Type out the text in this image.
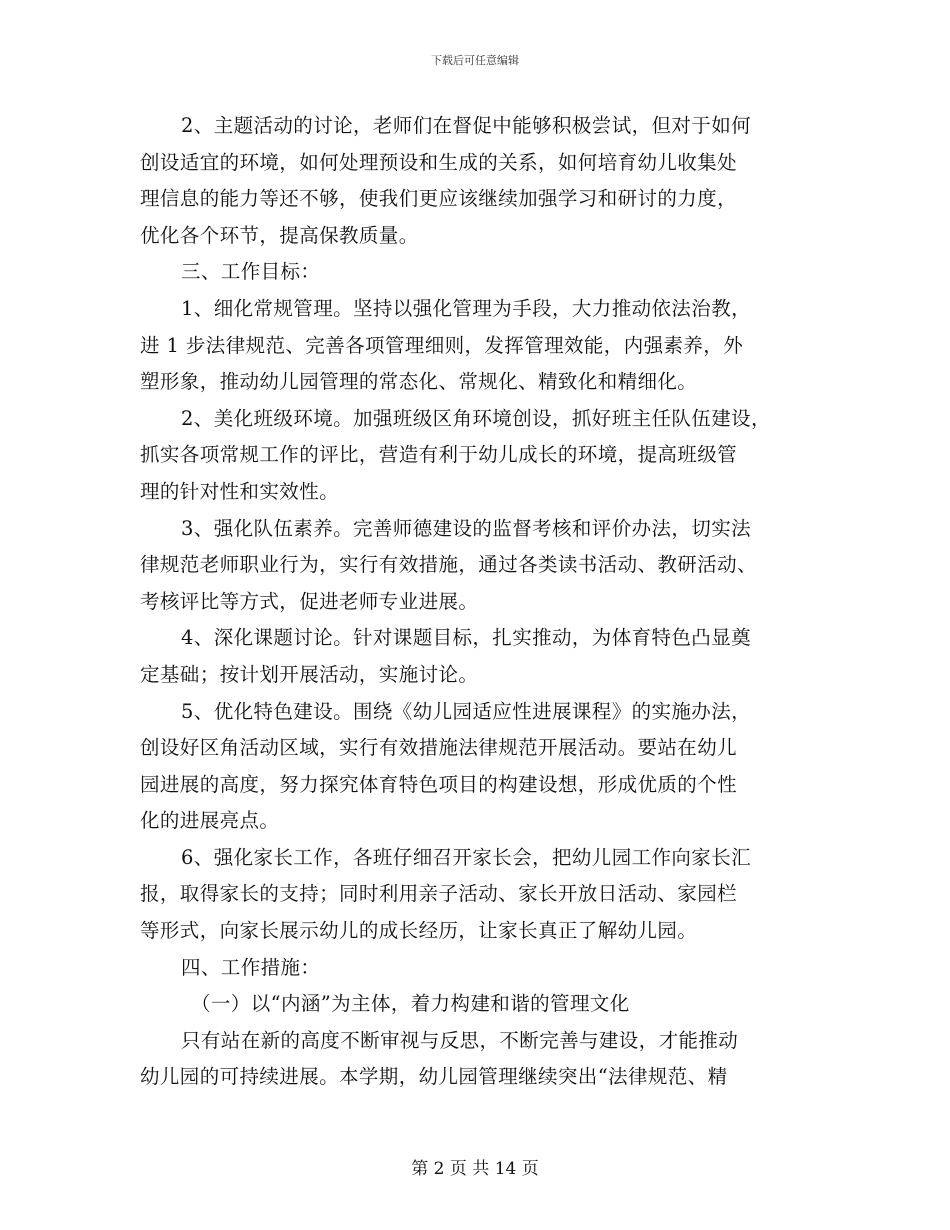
下载后可任意编辑
2、主题活动的讨论，老师们在督促中能够积极尝试，但对于如何
创设适宜的环境，如何处理预设和生成的关系，如何培育幼儿收集处
理信息的能力等还不够，使我们更应该继续加强学习和研讨的力度，
优化各个环节，提高保教质量。
三、工作目标：
1、细化常规管理。坚持以强化管理为手段，大力推动依法治教，
进 1 步法律规范、完善各项管理细则，发挥管理效能，内强素养，外
塑形象，推动幼儿园管理的常态化、常规化、精致化和精细化。
2、美化班级环境。加强班级区角环境创设，抓好班主任队伍建设，
抓实各项常规工作的评比，营造有利于幼儿成长的环境，提高班级管
理的针对性和实效性。
3、强化队伍素养。完善师德建设的监督考核和评价办法，切实法
律规范老师职业行为，实行有效措施，通过各类读书活动、教研活动、
考核评比等方式，促进老师专业进展。
4、深化课题讨论。针对课题目标，扎实推动，为体育特色凸显奠
定基础；按计划开展活动，实施讨论。
5、优化特色建设。围绕《幼儿园适应性进展课程》的实施办法，
创设好区角活动区域，实行有效措施法律规范开展活动。要站在幼儿
园进展的高度，努力探究体育特色项目的构建设想，形成优质的个性
化的进展亮点。
6、强化家长工作，各班仔细召开家长会，把幼儿园工作向家长汇
报，取得家长的支持；同时利用亲子活动、家长开放日活动、家园栏
等形式，向家长展示幼儿的成长经历，让家长真正了解幼儿园。
四、工作措施：
（一）以“内涵”为主体，着力构建和谐的管理文化
只有站在新的高度不断审视与反思，不断完善与建设，才能推动
幼儿园的可持续进展。本学期，幼儿园管理继续突出“法律规范、精
第 2 页 共 14 页
